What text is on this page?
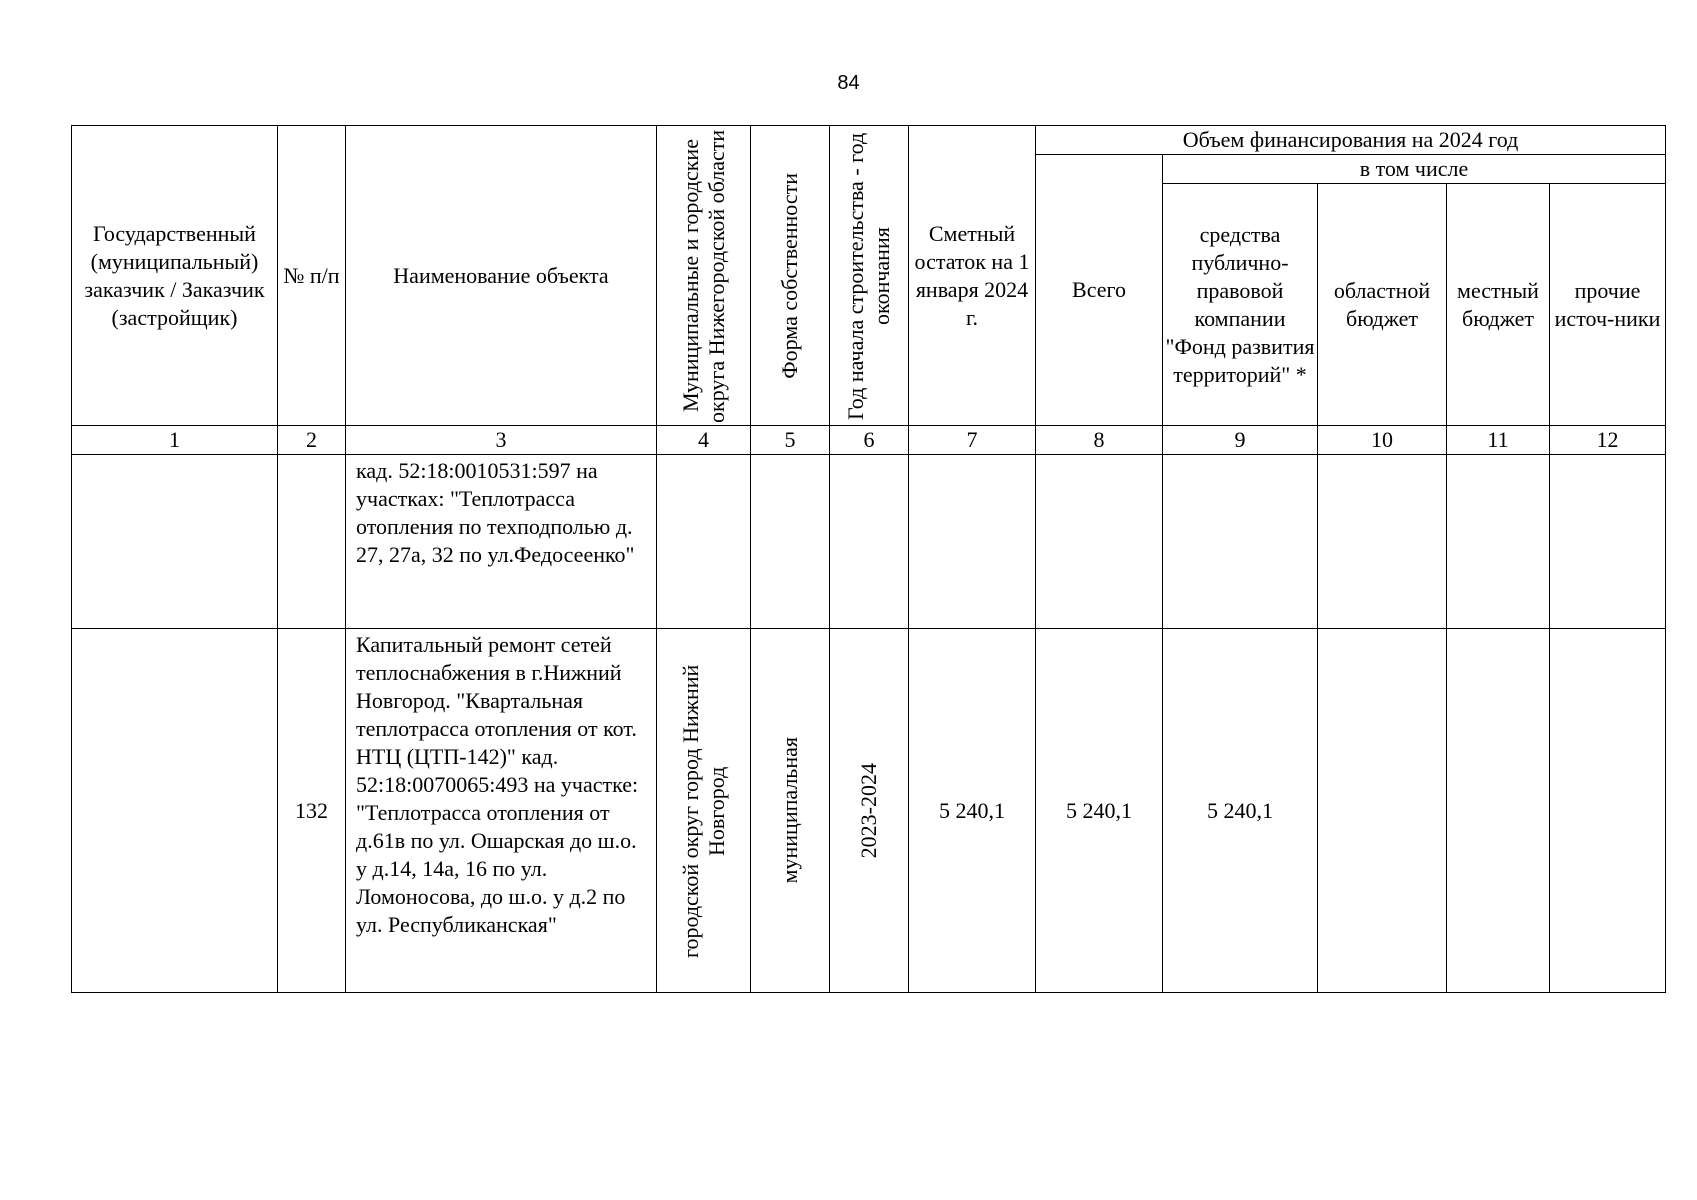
84
Государственный (муниципальный) заказчик / Заказчик (застройщик)	№ п/п	Наименование объекта	Муниципальные и городские округа Нижегородской области	Форма собственности	Год начала строительства - год окончания	Сметный остаток на 1 января 2024 г.	Объем финансирования на 2024 год				
							Всего	в том числе			
								средства публично-правовой компании "Фонд развития территорий" *	областной бюджет	местный бюджет	прочие источ-ники
1	2	3	4	5	6	7	8	9	10	11	12
		кад. 52:18:0010531:597 на участках: "Теплотрасса отопления по техподполью д. 27, 27а, 32 по ул.Федосеенко"									
	132	Капитальный ремонт сетей теплоснабжения в г.Нижний Новгород. "Квартальная теплотрасса отопления от кот. НТЦ (ЦТП-142)" кад. 52:18:0070065:493 на участке: "Теплотрасса отопления от д.61в по ул. Ошарская до ш.о. у д.14, 14а, 16 по ул. Ломоносова, до ш.о. у д.2 по ул. Республиканская"	городской округ город Нижний Новгород	муниципальная	2023-2024	5 240,1	5 240,1	5 240,1			
